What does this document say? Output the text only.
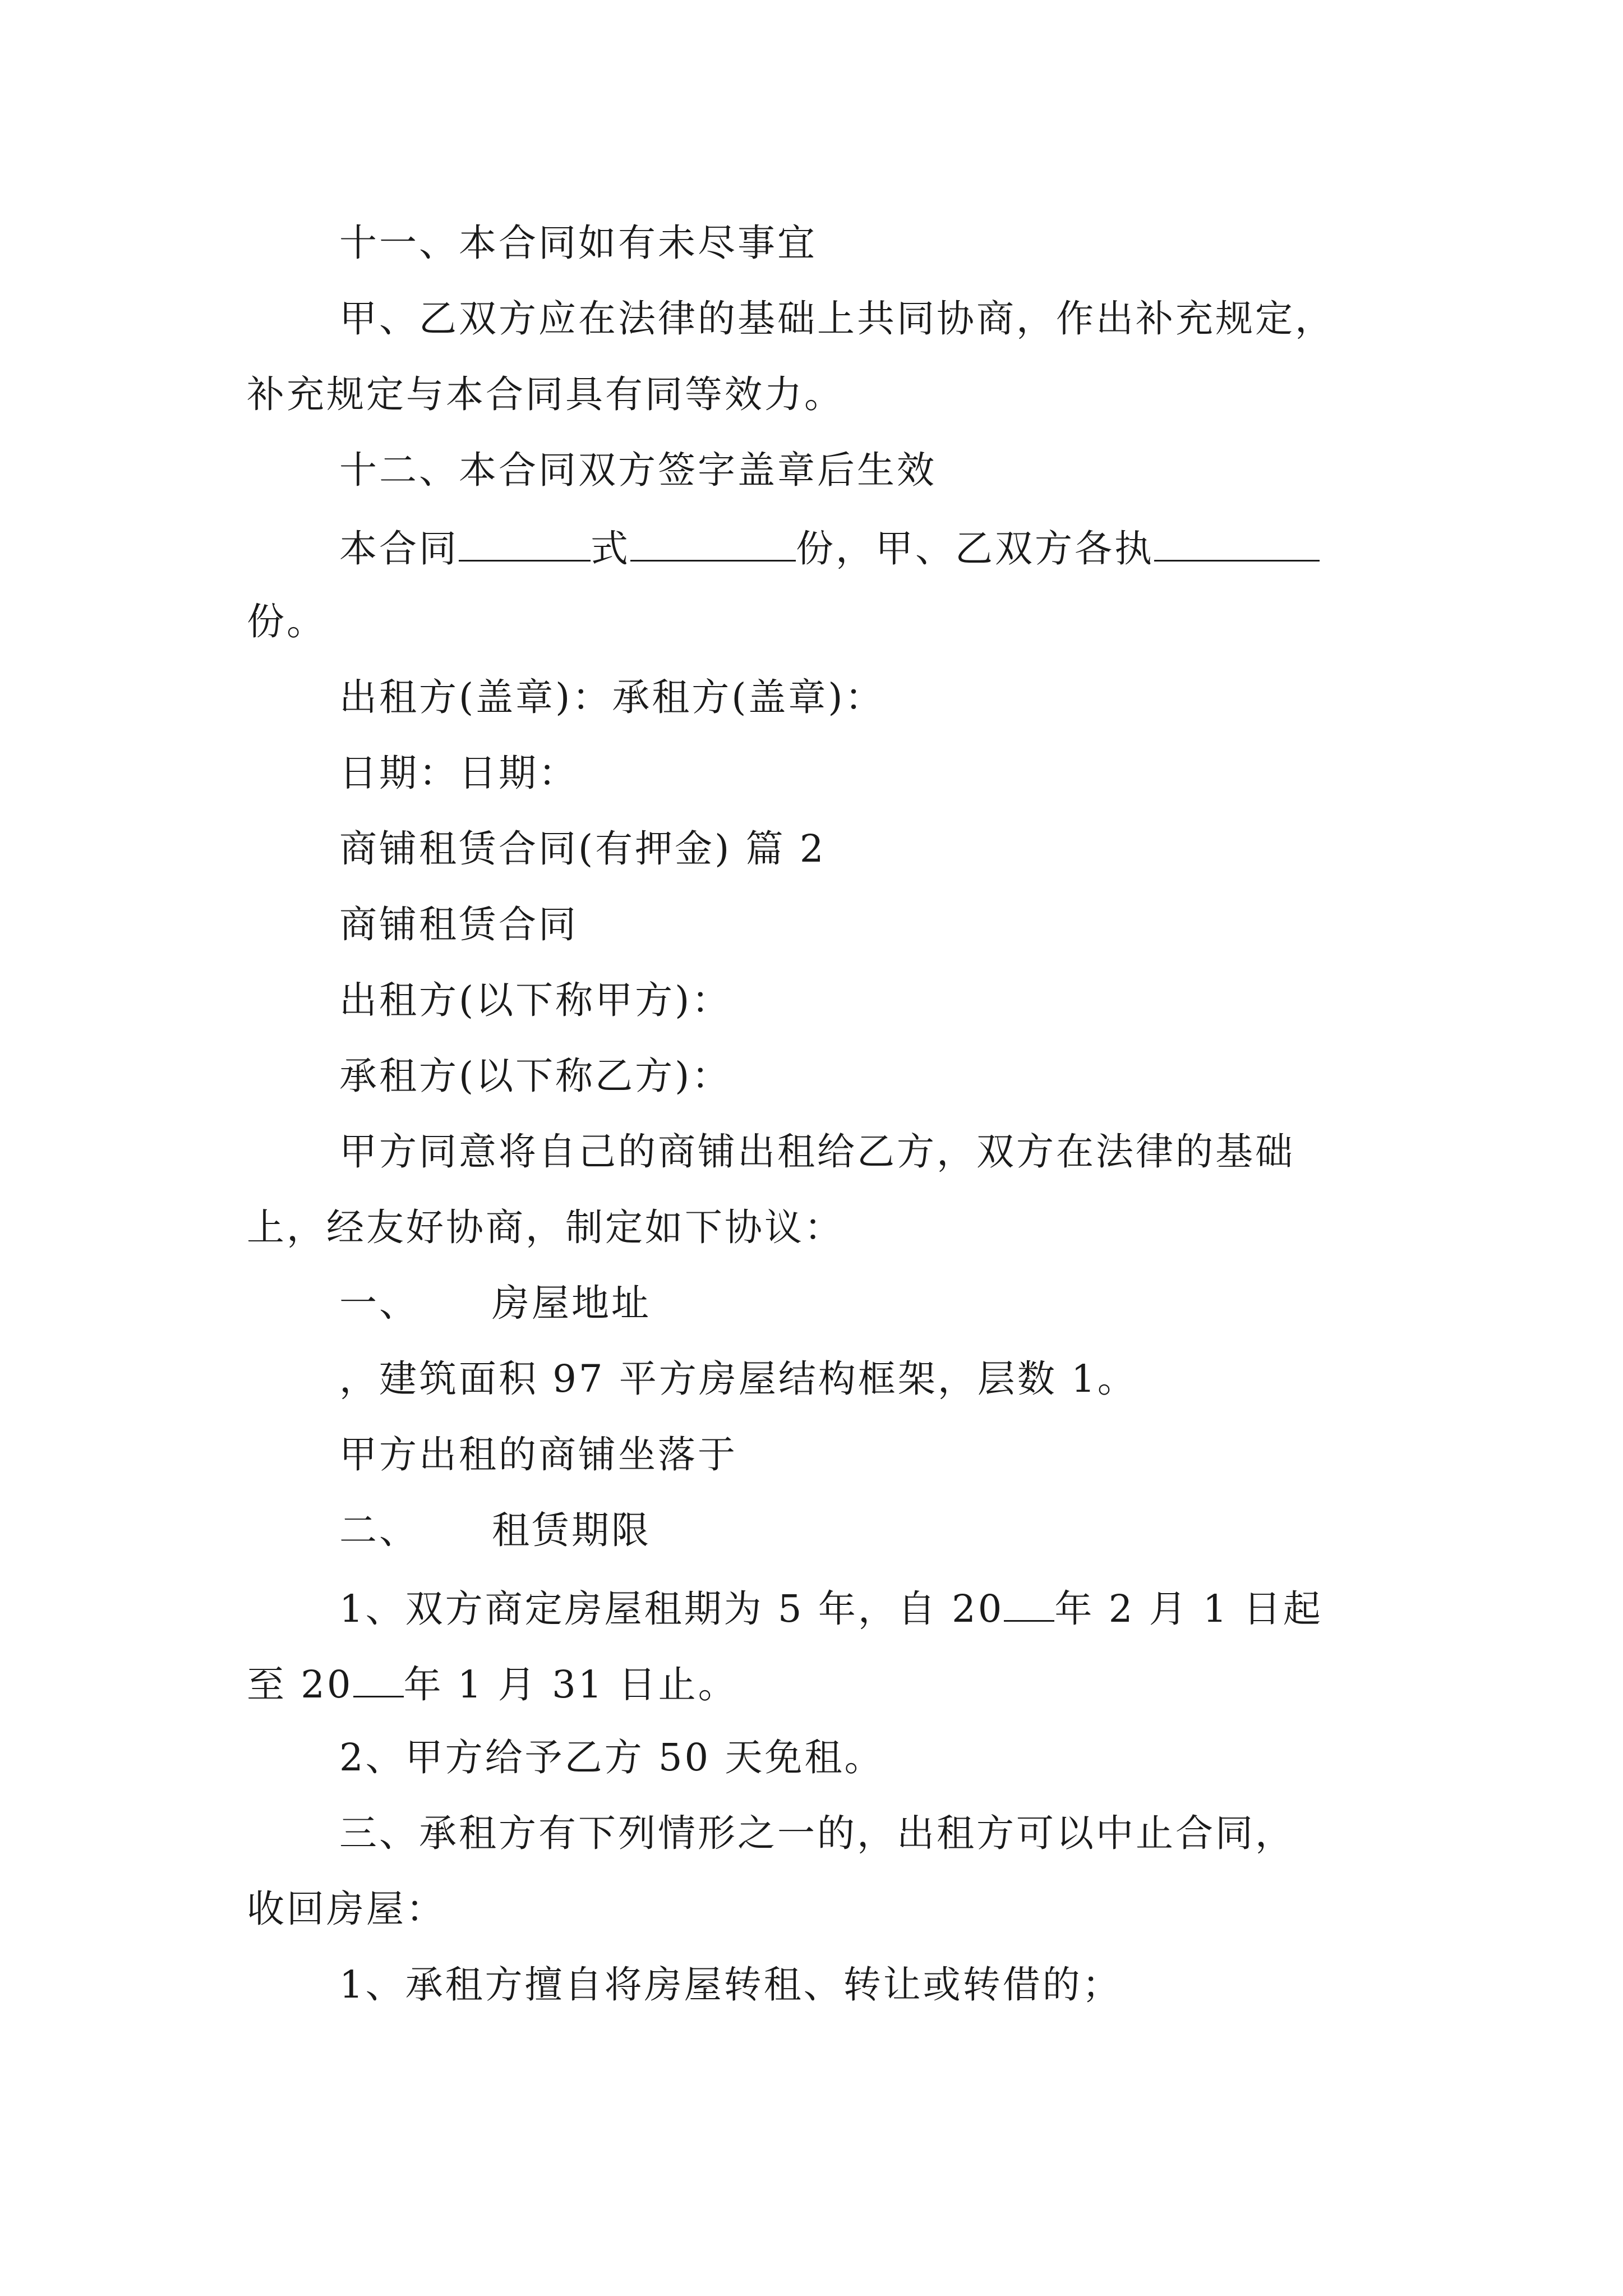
十一、本合同如有未尽事宜

甲、乙双方应在法律的基础上共同协商，作出补充规定，

补充规定与本合同具有同等效力。

十二、本合同双方签字盖章后生效

本合同	式	份，甲、乙双方各执

份。

出租方(盖章)：承租方(盖章)：

日期：日期：

商铺租赁合同(有押金) 篇 2

商铺租赁合同

出租方(以下称甲方)：

承租方(以下称乙方)：

甲方同意将自己的商铺出租给乙方，双方在法律的基础

上，经友好协商，制定如下协议：

一、 房屋地址

，建筑面积 97 平方房屋结构框架，层数 1。

甲方出租的商铺坐落于

二、 租赁期限

1、双方商定房屋租期为 5 年，自 20 年 2 月 1 日起

至 20 年 1 月 31 日止。

2、甲方给予乙方 50 天免租。

三、承租方有下列情形之一的，出租方可以中止合同，

收回房屋：

1、承租方擅自将房屋转租、转让或转借的；
